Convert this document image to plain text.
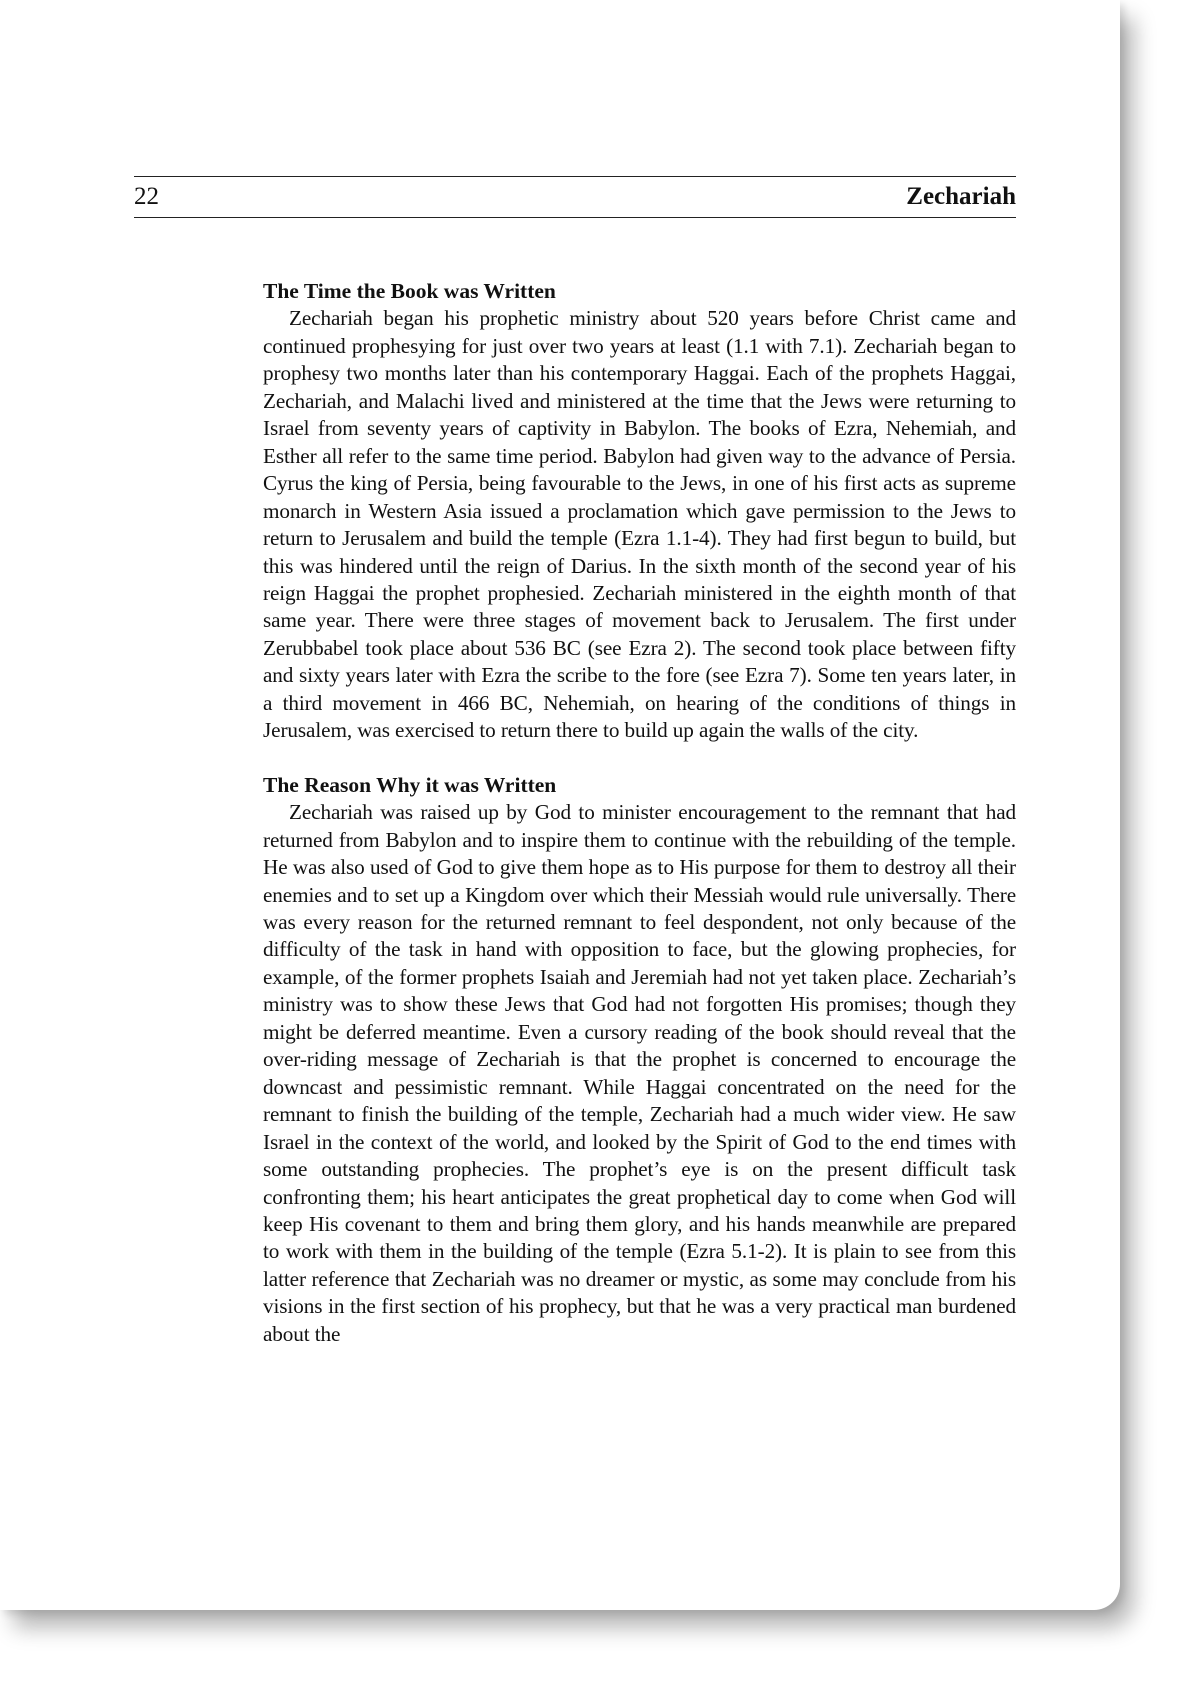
22	Zechariah
The Time the Book was Written

Zechariah began his prophetic ministry about 520 years before Christ came and continued prophesying for just over two years at least (1.1 with 7.1). Zechariah began to prophesy two months later than his contemporary Haggai. Each of the prophets Haggai, Zechariah, and Malachi lived and ministered at the time that the Jews were returning to Israel from seventy years of captivity in Babylon. The books of Ezra, Nehemiah, and Esther all refer to the same time period. Babylon had given way to the advance of Persia. Cyrus the king of Persia, being favourable to the Jews, in one of his first acts as supreme monarch in Western Asia issued a proclamation which gave permission to the Jews to return to Jerusalem and build the temple (Ezra 1.1-4). They had first begun to build, but this was hindered until the reign of Darius. In the sixth month of the second year of his reign Haggai the prophet prophesied. Zechariah ministered in the eighth month of that same year. There were three stages of movement back to Jerusalem. The first under Zerubbabel took place about 536 BC (see Ezra 2). The second took place between fifty and sixty years later with Ezra the scribe to the fore (see Ezra 7). Some ten years later, in a third movement in 466 BC, Nehemiah, on hearing of the conditions of things in Jerusalem, was exercised to return there to build up again the walls of the city.

The Reason Why it was Written

Zechariah was raised up by God to minister encouragement to the remnant that had returned from Babylon and to inspire them to continue with the rebuilding of the temple. He was also used of God to give them hope as to His purpose for them to destroy all their enemies and to set up a Kingdom over which their Messiah would rule universally. There was every reason for the returned remnant to feel despondent, not only because of the difficulty of the task in hand with opposition to face, but the glowing prophecies, for example, of the former prophets Isaiah and Jeremiah had not yet taken place. Zechariah’s ministry was to show these Jews that God had not forgotten His promises; though they might be deferred meantime. Even a cursory reading of the book should reveal that the over-riding message of Zechariah is that the prophet is concerned to encourage the downcast and pessimistic remnant. While Haggai concentrated on the need for the remnant to finish the building of the temple, Zechariah had a much wider view. He saw Israel in the context of the world, and looked by the Spirit of God to the end times with some outstanding prophecies. The prophet’s eye is on the present difficult task confronting them; his heart anticipates the great prophetical day to come when God will keep His covenant to them and bring them glory, and his hands meanwhile are prepared to work with them in the building of the temple (Ezra 5.1-2). It is plain to see from this latter reference that Zechariah was no dreamer or mystic, as some may conclude from his visions in the first section of his prophecy, but that he was a very practical man burdened about the
